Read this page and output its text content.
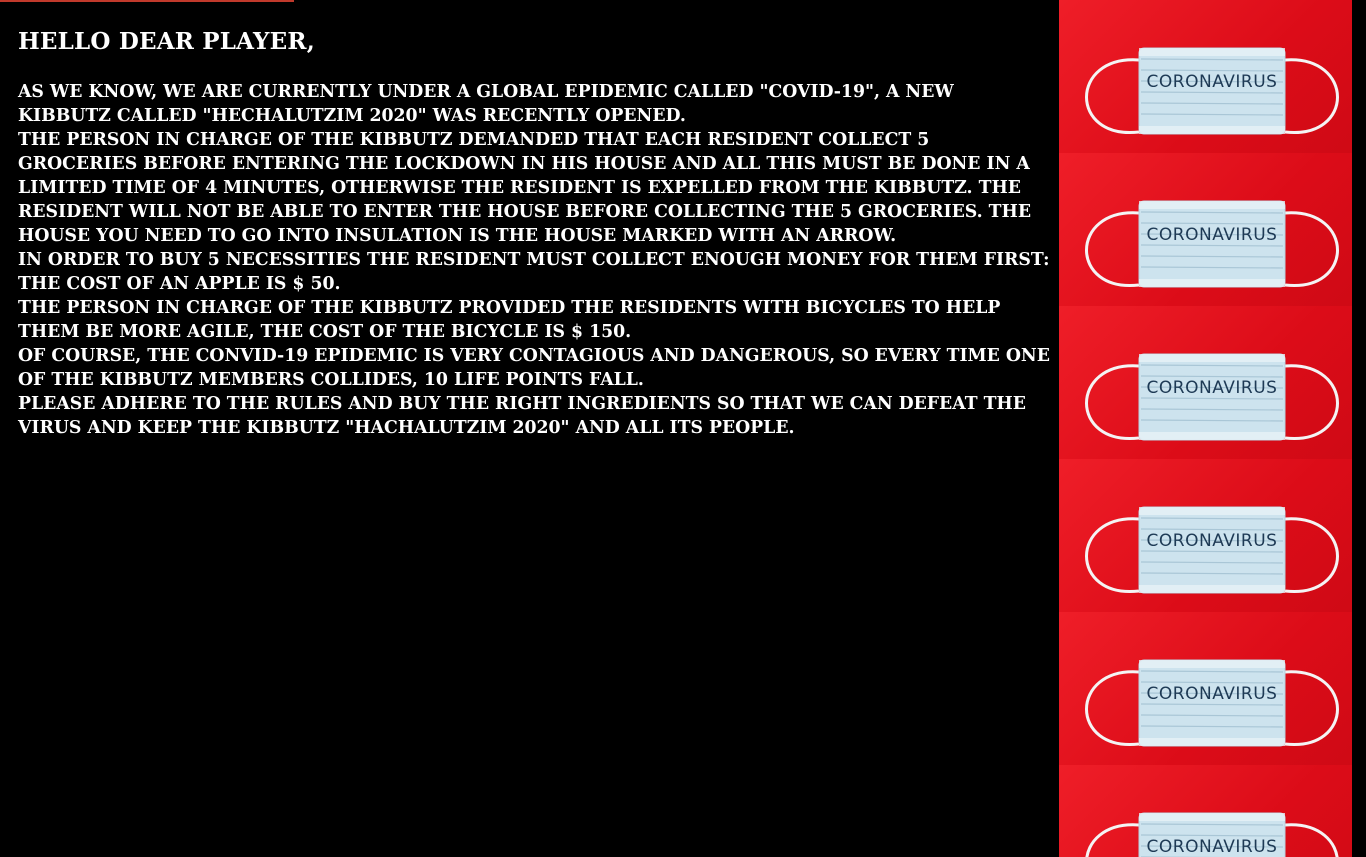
HELLO DEAR PLAYER,
AS WE KNOW, WE ARE CURRENTLY UNDER A GLOBAL EPIDEMIC CALLED "COVID-19", A NEW
KIBBUTZ CALLED "HECHALUTZIM 2020" WAS RECENTLY OPENED.
THE PERSON IN CHARGE OF THE KIBBUTZ DEMANDED THAT EACH RESIDENT COLLECT 5
GROCERIES BEFORE ENTERING THE LOCKDOWN IN HIS HOUSE AND ALL THIS MUST BE DONE IN A
LIMITED TIME OF 4 MINUTES, OTHERWISE THE RESIDENT IS EXPELLED FROM THE KIBBUTZ. THE
RESIDENT WILL NOT BE ABLE TO ENTER THE HOUSE BEFORE COLLECTING THE 5 GROCERIES. THE
HOUSE YOU NEED TO GO INTO INSULATION IS THE HOUSE MARKED WITH AN ARROW.
IN ORDER TO BUY 5 NECESSITIES THE RESIDENT MUST COLLECT ENOUGH MONEY FOR THEM FIRST:
THE COST OF AN APPLE IS $ 50.
THE PERSON IN CHARGE OF THE KIBBUTZ PROVIDED THE RESIDENTS WITH BICYCLES TO HELP
THEM BE MORE AGILE, THE COST OF THE BICYCLE IS $ 150.
OF COURSE, THE CONVID-19 EPIDEMIC IS VERY CONTAGIOUS AND DANGEROUS, SO EVERY TIME ONE
OF THE KIBBUTZ MEMBERS COLLIDES, 10 LIFE POINTS FALL.
PLEASE ADHERE TO THE RULES AND BUY THE RIGHT INGREDIENTS SO THAT WE CAN DEFEAT THE
VIRUS AND KEEP THE KIBBUTZ "HACHALUTZIM 2020" AND ALL ITS PEOPLE.
CORONAVIRUS
CORONAVIRUS
CORONAVIRUS
CORONAVIRUS
CORONAVIRUS
CORONAVIRUS
